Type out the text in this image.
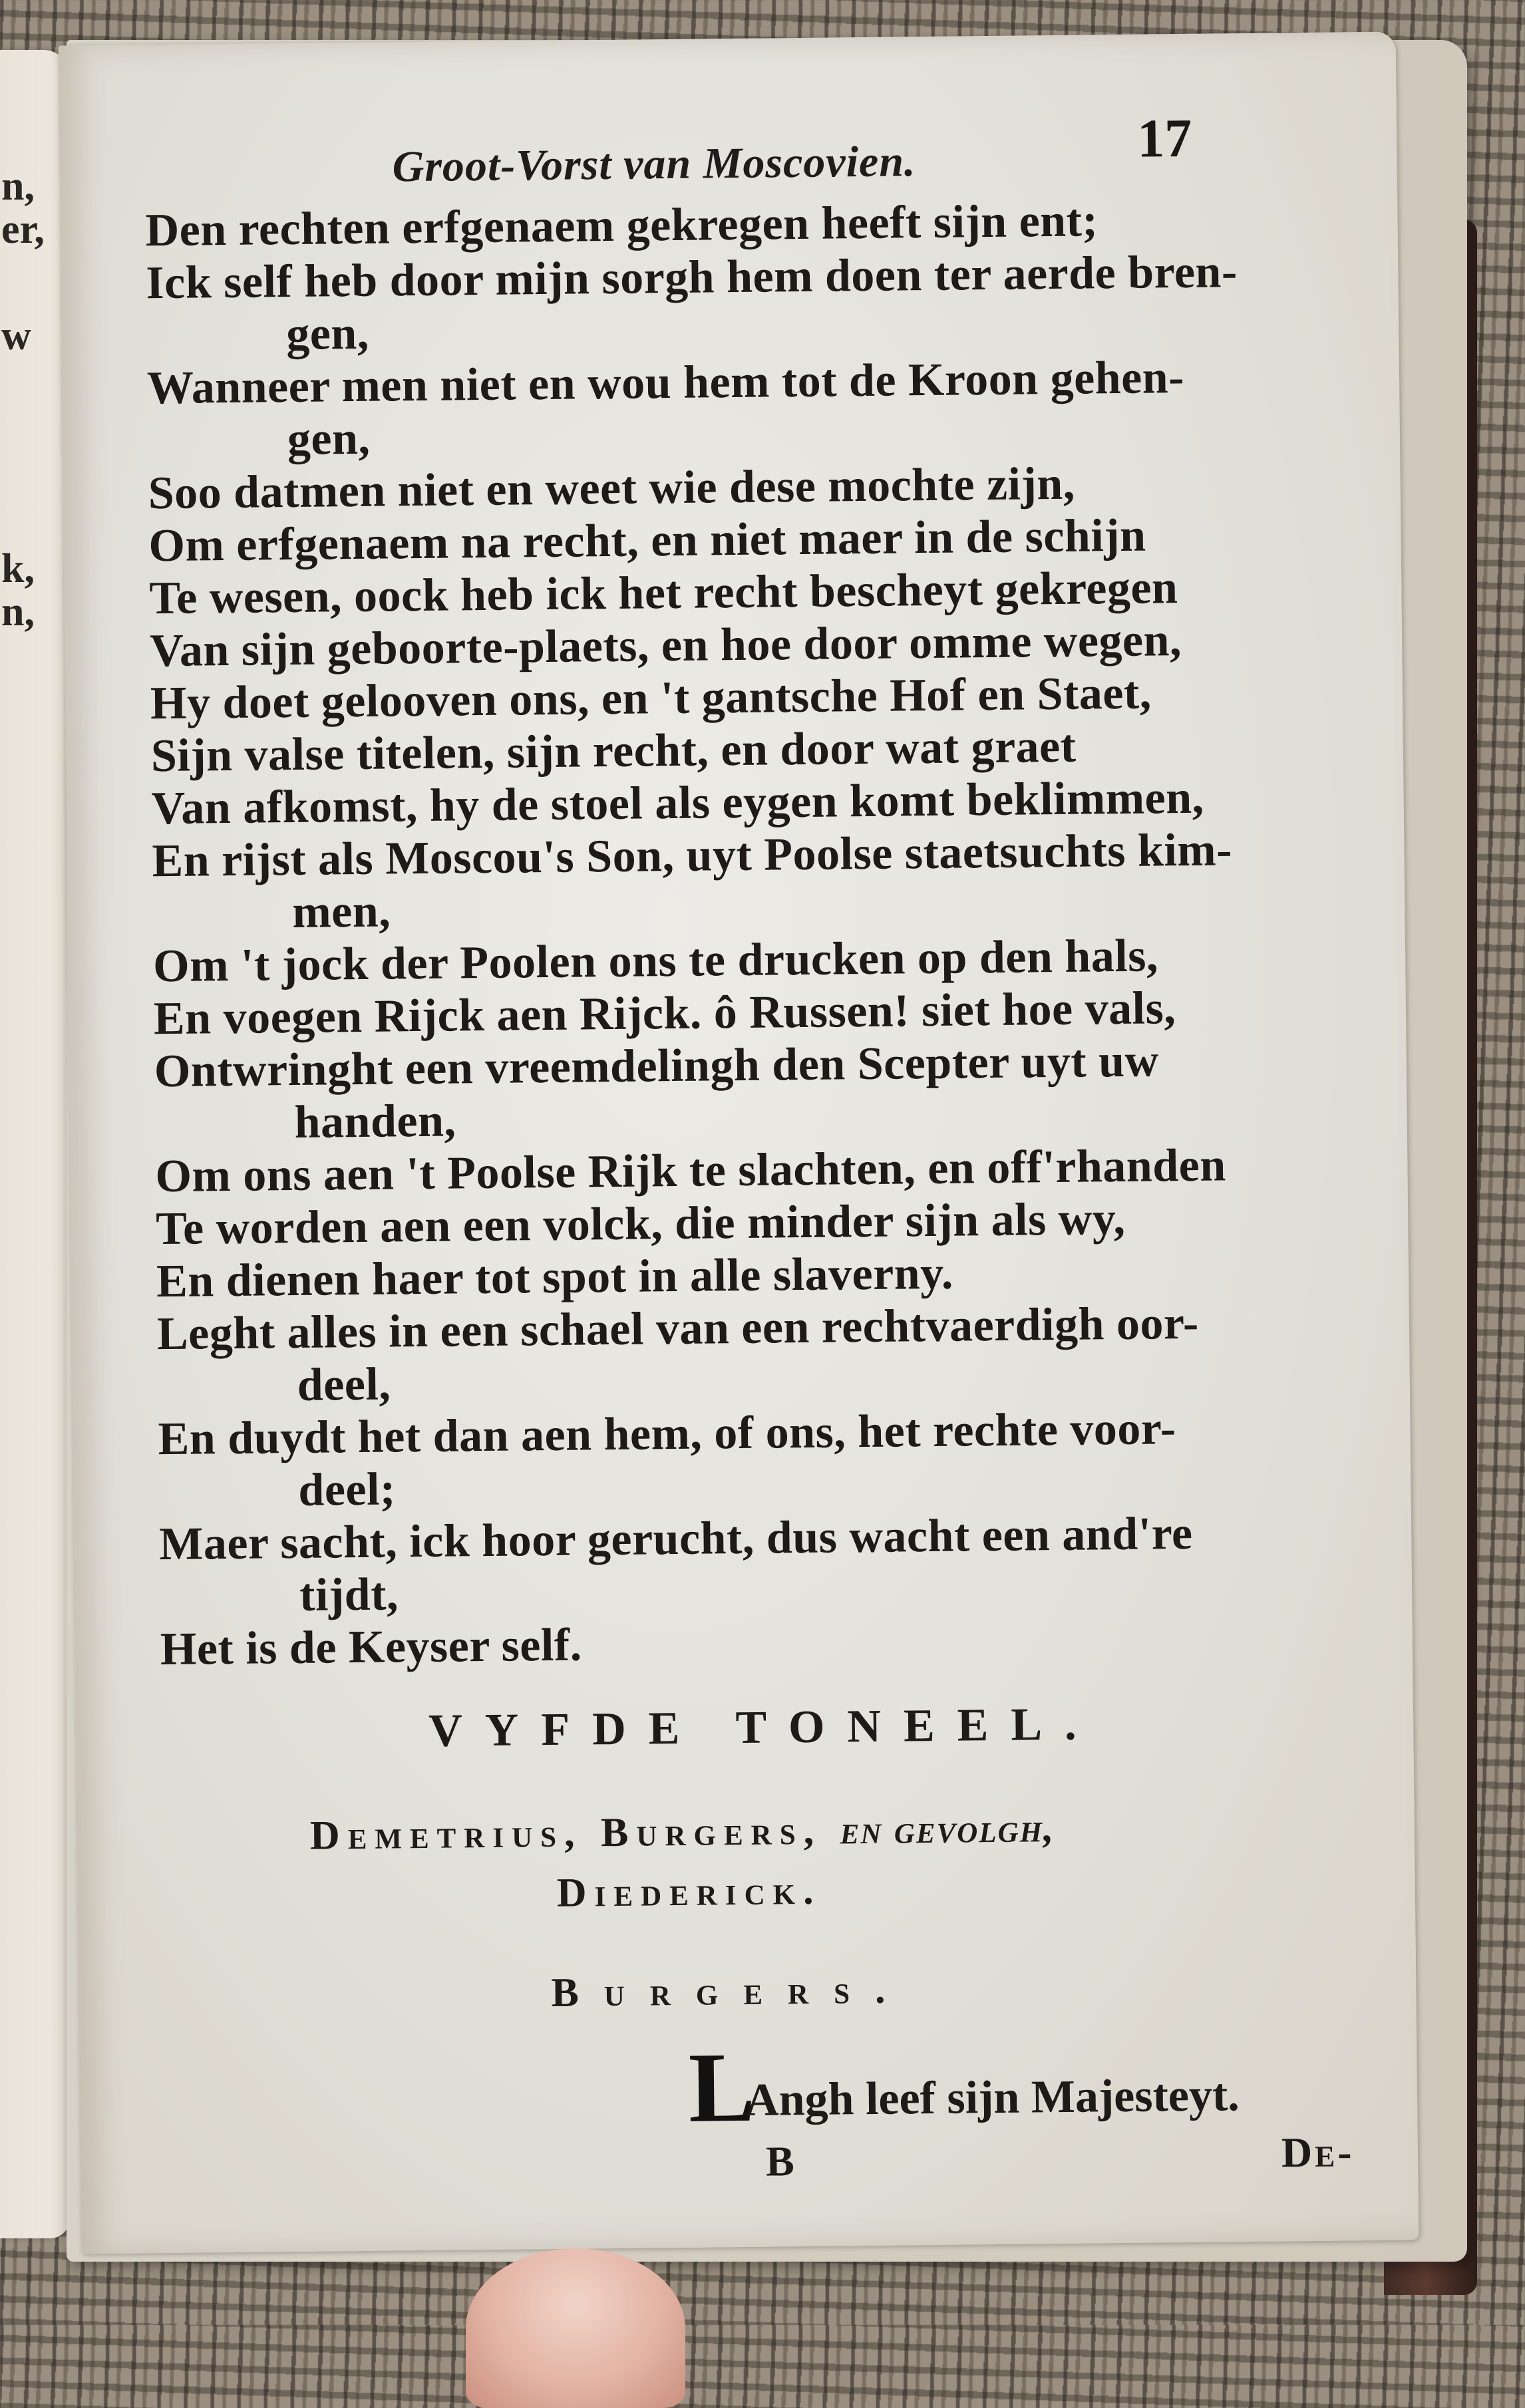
n,
er,
w
k,
n,
Groot-Vorst van Moscovien.	17
Den rechten erfgenaem gekregen heeft sijn ent;
Ick self heb door mijn sorgh hem doen ter aerde bren-
gen,
Wanneer men niet en wou hem tot de Kroon gehen-
gen,
Soo datmen niet en weet wie dese mochte zijn,
Om erfgenaem na recht, en niet maer in de schijn
Te wesen, oock heb ick het recht bescheyt gekregen
Van sijn geboorte-plaets, en hoe door omme wegen,
Hy doet gelooven ons, en 't gantsche Hof en Staet,
Sijn valse titelen, sijn recht, en door wat graet
Van afkomst, hy de stoel als eygen komt beklimmen,
En rijst als Moscou's Son, uyt Poolse staetsuchts kim-
men,
Om 't jock der Poolen ons te drucken op den hals,
En voegen Rijck aen Rijck. ô Russen! siet hoe vals,
Ontwringht een vreemdelingh den Scepter uyt uw
handen,
Om ons aen 't Poolse Rijk te slachten, en off'rhanden
Te worden aen een volck, die minder sijn als wy,
En dienen haer tot spot in alle slaverny.
Leght alles in een schael van een rechtvaerdigh oor-
deel,
En duydt het dan aen hem, of ons, het rechte voor-
deel;
Maer sacht, ick hoor gerucht, dus wacht een and're
tijdt,
Het is de Keyser self.
VYFDE TONEEL.
Demetrius, Burgers, en gevolgh,
Diederick.
Burgers.
L
Angh leef sijn Majesteyt.
B	De-
